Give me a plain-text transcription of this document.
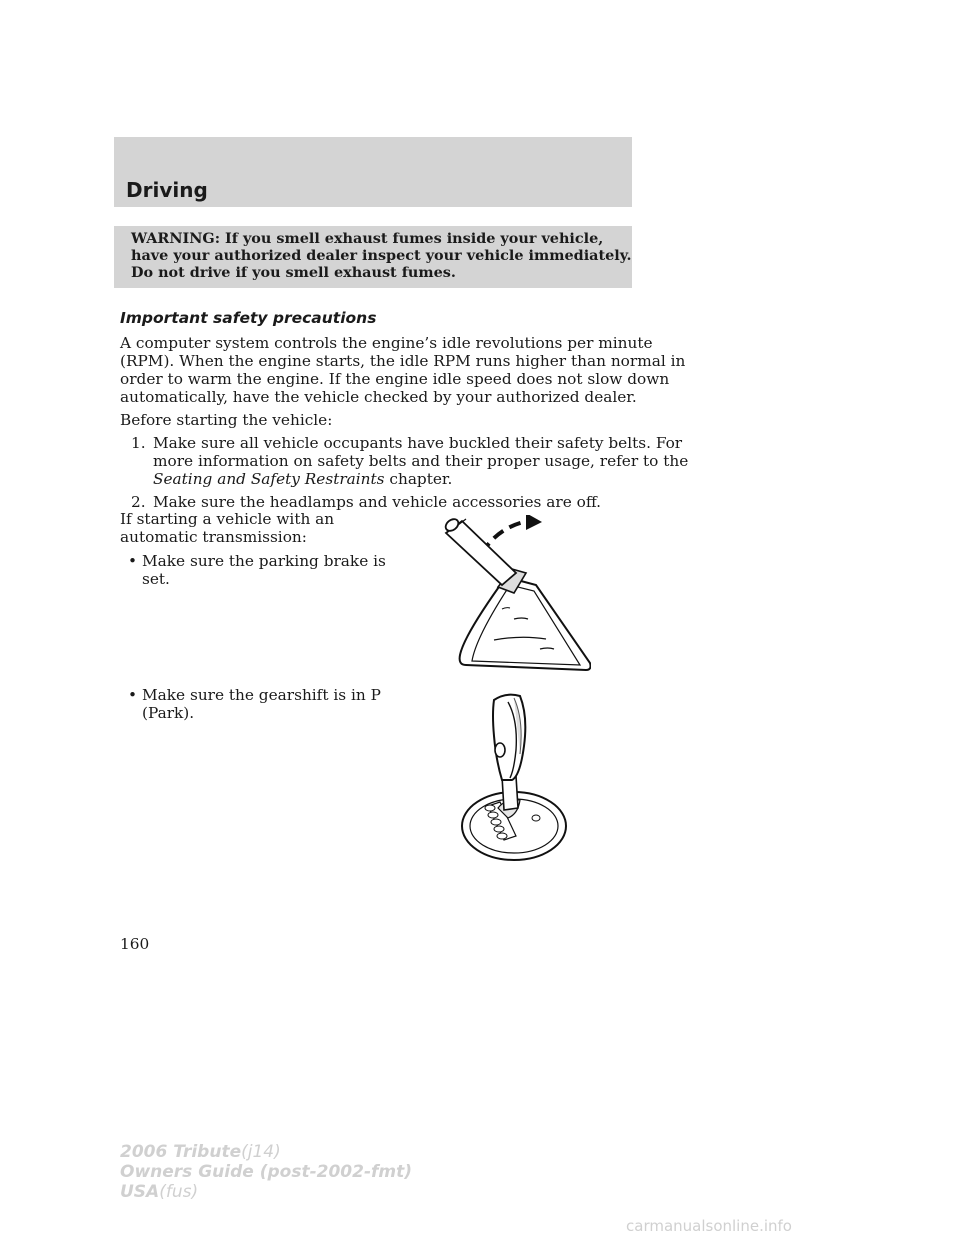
Driving
WARNING: If you smell exhaust fumes inside your vehicle,
have your authorized dealer inspect your vehicle immediately.
Do not drive if you smell exhaust fumes.
Important safety precautions
A computer system controls the engine’s idle revolutions per minute
(RPM). When the engine starts, the idle RPM runs higher than normal in
order to warm the engine. If the engine idle speed does not slow down
automatically, have the vehicle checked by your authorized dealer.
Before starting the vehicle:
1. Make sure all vehicle occupants have buckled their safety belts. For
more information on safety belts and their proper usage, refer to the
Seating and Safety Restraints chapter.
2. Make sure the headlamps and vehicle accessories are off.
If starting a vehicle with an
automatic transmission:
• Make sure the parking brake is
set.
• Make sure the gearshift is in P
(Park).
160
2006 Tribute(j14)
Owners Guide (post-2002-fmt)
USA(fus)
carmanualsonline.info
